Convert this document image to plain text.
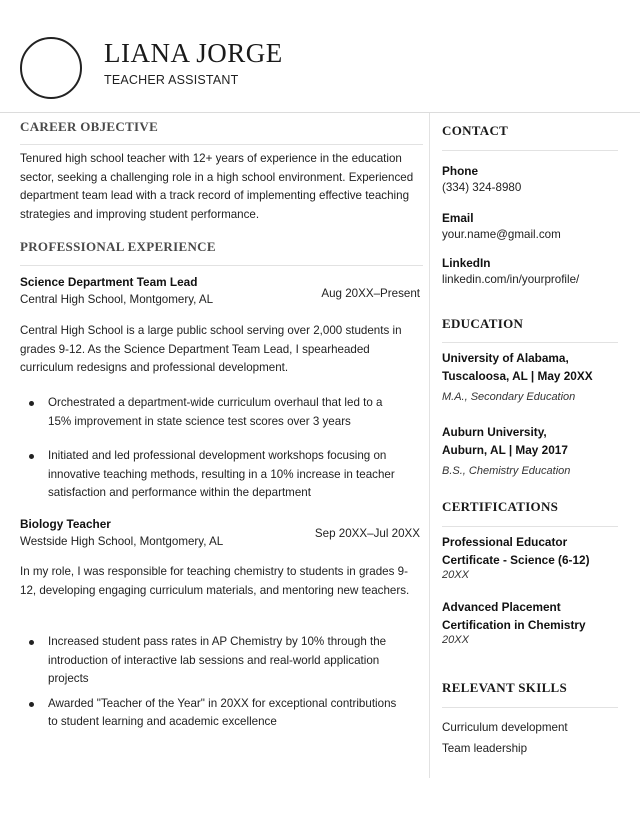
LIANA JORGE
TEACHER ASSISTANT
CAREER OBJECTIVE
Tenured high school teacher with 12+ years of experience in the education sector, seeking a challenging role in a high school environment. Experienced department team lead with a track record of implementing effective teaching strategies and improving student performance.
PROFESSIONAL EXPERIENCE
Science Department Team Lead
Central High School, Montgomery, AL	Aug 20XX–Present
Central High School is a large public school serving over 2,000 students in grades 9-12. As the Science Department Team Lead, I spearheaded curriculum redesigns and professional development.
Orchestrated a department-wide curriculum overhaul that led to a 15% improvement in state science test scores over 3 years
Initiated and led professional development workshops focusing on innovative teaching methods, resulting in a 10% increase in teacher satisfaction and performance within the department
Biology Teacher
Westside High School, Montgomery, AL
Sep 20XX–Jul 20XX
In my role, I was responsible for teaching chemistry to students in grades 9-12, developing engaging curriculum materials, and mentoring new teachers.
Increased student pass rates in AP Chemistry by 10% through the introduction of interactive lab sessions and real-world application projects
Awarded "Teacher of the Year" in 20XX for exceptional contributions to student learning and academic excellence
CONTACT
Phone
(334) 324-8980
Email
your.name@gmail.com
LinkedIn
linkedin.com/in/yourprofile/
EDUCATION
University of Alabama,
Tuscaloosa, AL | May 20XX
M.A., Secondary Education
Auburn University,
Auburn, AL | May 2017
B.S., Chemistry Education
CERTIFICATIONS
Professional Educator
Certificate - Science (6-12)
20XX
Advanced Placement
Certification in Chemistry
20XX
RELEVANT SKILLS
Curriculum development
Team leadership
